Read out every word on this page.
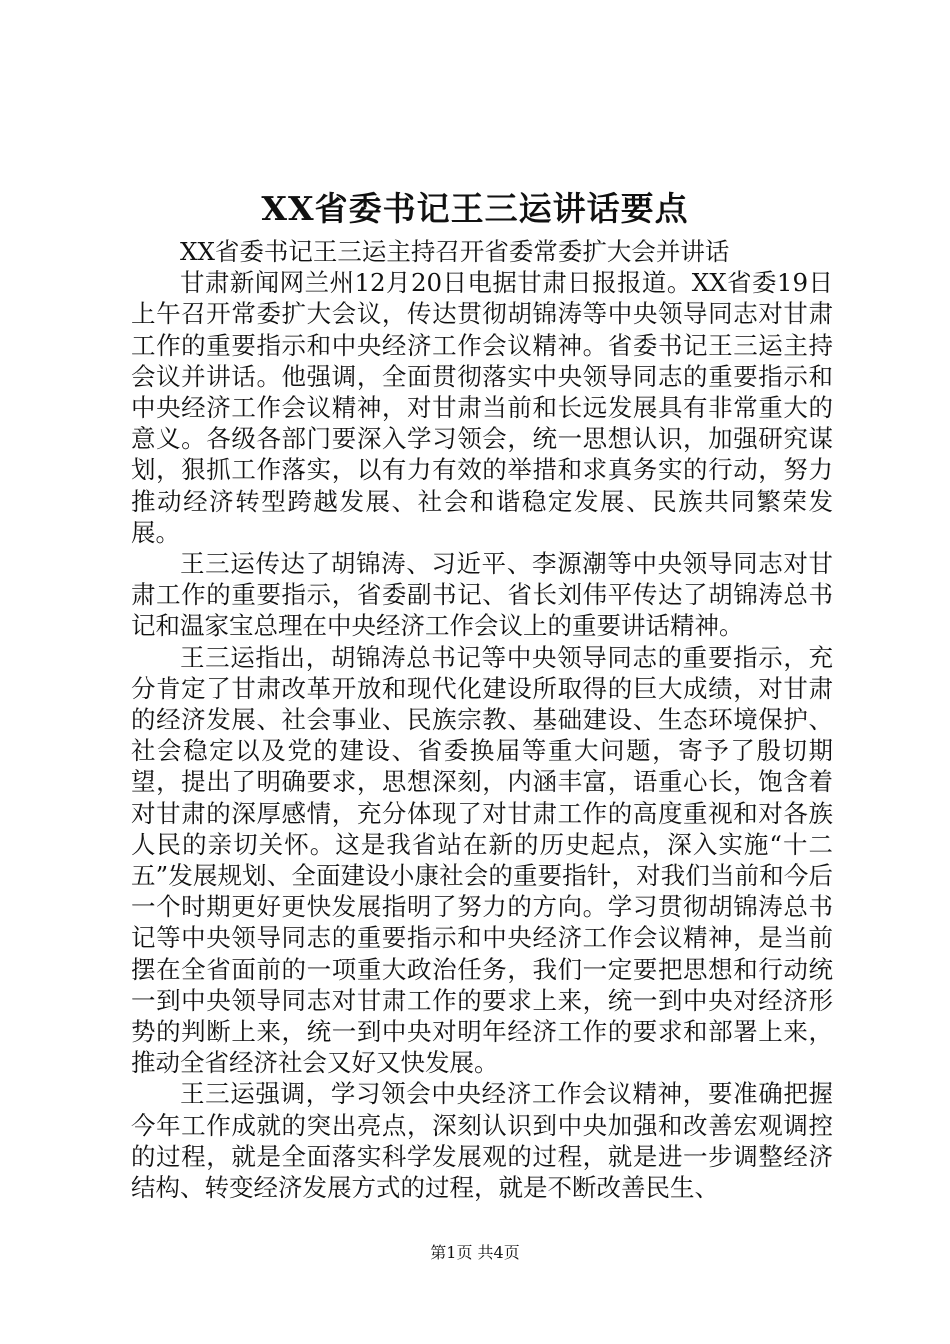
XX省委书记王三运讲话要点

XX省委书记王三运主持召开省委常委扩大会并讲话

甘肃新闻网兰州12月20日电据甘肃日报报道。XX省委19日上午召开常委扩大会议，传达贯彻胡锦涛等中央领导同志对甘肃工作的重要指示和中央经济工作会议精神。省委书记王三运主持会议并讲话。他强调，全面贯彻落实中央领导同志的重要指示和中央经济工作会议精神，对甘肃当前和长远发展具有非常重大的意义。各级各部门要深入学习领会，统一思想认识，加强研究谋划，狠抓工作落实，以有力有效的举措和求真务实的行动，努力推动经济转型跨越发展、社会和谐稳定发展、民族共同繁荣发展。

王三运传达了胡锦涛、习近平、李源潮等中央领导同志对甘肃工作的重要指示，省委副书记、省长刘伟平传达了胡锦涛总书记和温家宝总理在中央经济工作会议上的重要讲话精神。

王三运指出，胡锦涛总书记等中央领导同志的重要指示，充分肯定了甘肃改革开放和现代化建设所取得的巨大成绩，对甘肃的经济发展、社会事业、民族宗教、基础建设、生态环境保护、社会稳定以及党的建设、省委换届等重大问题，寄予了殷切期望，提出了明确要求，思想深刻，内涵丰富，语重心长，饱含着对甘肃的深厚感情，充分体现了对甘肃工作的高度重视和对各族人民的亲切关怀。这是我省站在新的历史起点，深入实施“十二五”发展规划、全面建设小康社会的重要指针，对我们当前和今后一个时期更好更快发展指明了努力的方向。学习贯彻胡锦涛总书记等中央领导同志的重要指示和中央经济工作会议精神，是当前摆在全省面前的一项重大政治任务，我们一定要把思想和行动统一到中央领导同志对甘肃工作的要求上来，统一到中央对经济形势的判断上来，统一到中央对明年经济工作的要求和部署上来，推动全省经济社会又好又快发展。

王三运强调，学习领会中央经济工作会议精神，要准确把握今年工作成就的突出亮点，深刻认识到中央加强和改善宏观调控的过程，就是全面落实科学发展观的过程，就是进一步调整经济结构、转变经济发展方式的过程，就是不断改善民生、

第1页 共4页
